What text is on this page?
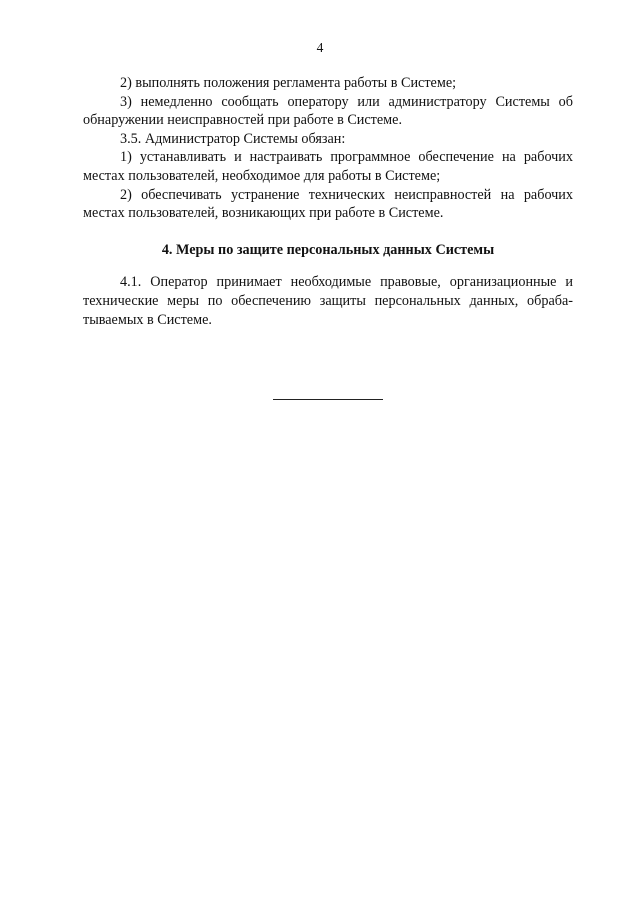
4
2) выполнять положения регламента работы в Системе;
3) немедленно сообщать оператору или администратору Системы об
обнаружении неисправностей при работе в Системе.
3.5. Администратор Системы обязан:
1) устанавливать и настраивать программное обеспечение на рабочих
местах пользователей, необходимое для работы в Системе;
2) обеспечивать устранение технических неисправностей на рабочих
местах пользователей, возникающих при работе в Системе.
4. Меры по защите персональных данных Системы
4.1. Оператор принимает необходимые правовые, организационные и
технические меры по обеспечению защиты персональных данных, обраба-
тываемых в Системе.
